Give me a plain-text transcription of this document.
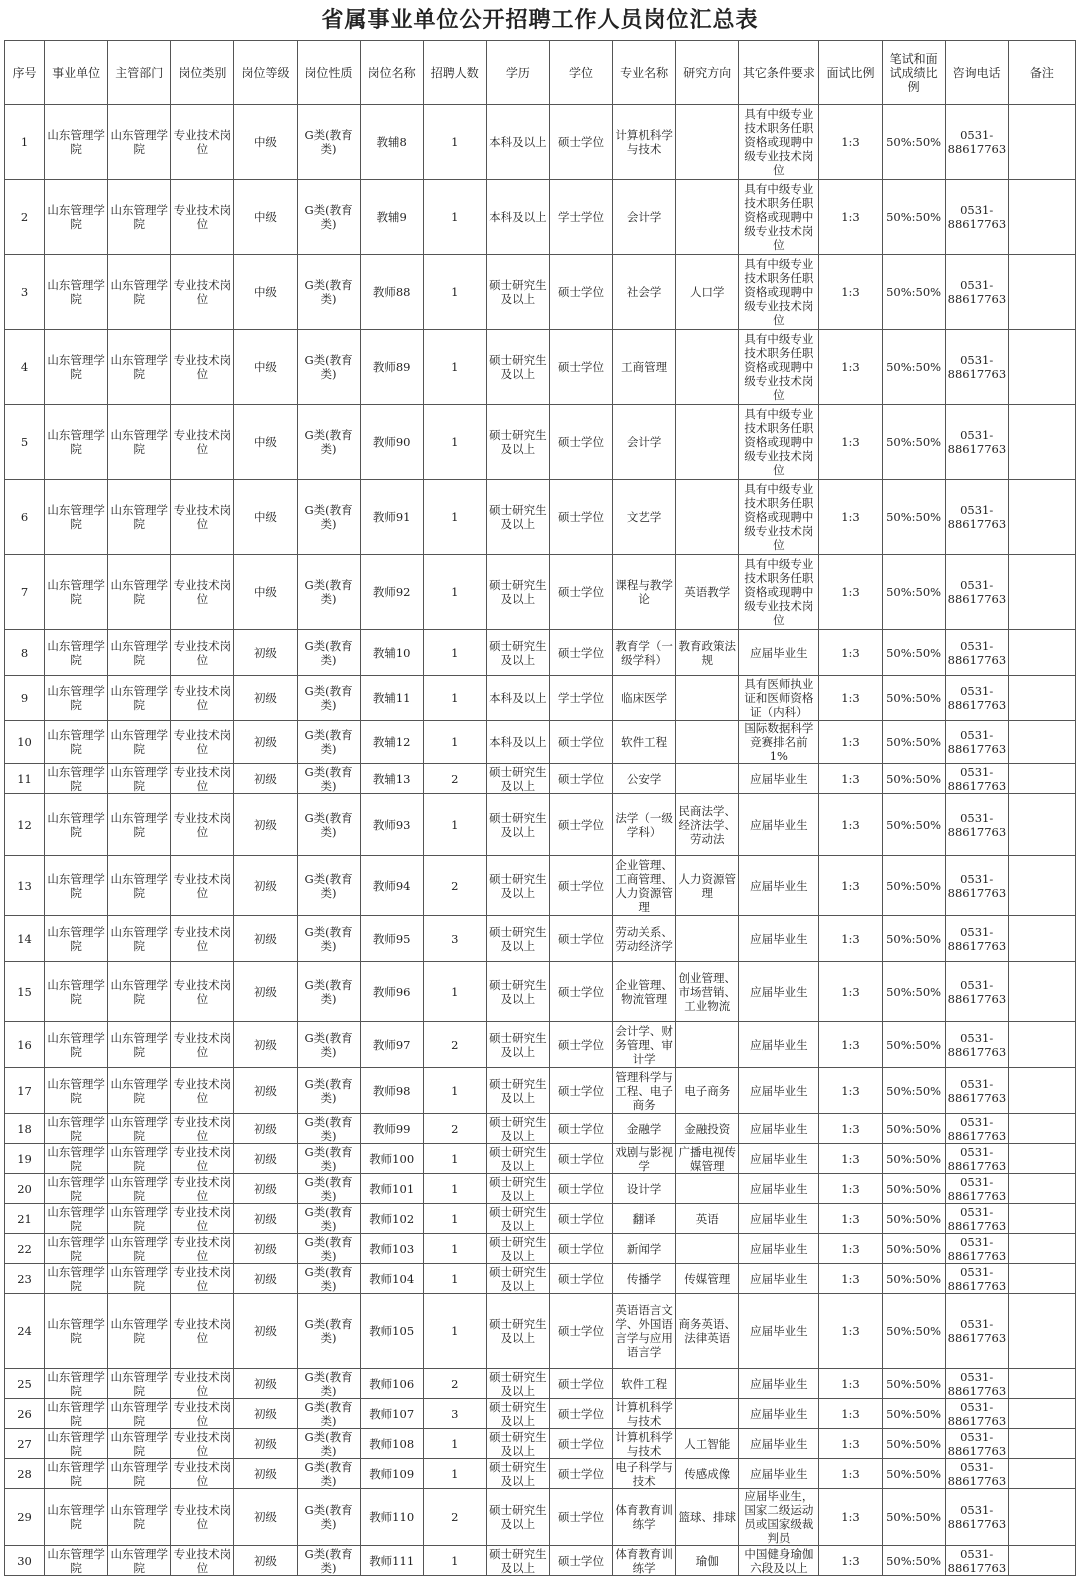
省属事业单位公开招聘工作人员岗位汇总表
序号	事业单位	主管部门	岗位类别	岗位等级	岗位性质	岗位名称	招聘人数	学历	学位	专业名称	研究方向	其它条件要求	面试比例	笔试和面试成绩比例	咨询电话	备注
1	山东管理学院	山东管理学院	专业技术岗位	中级	G类(教育类)	教辅8	1	本科及以上	硕士学位	计算机科学与技术		具有中级专业技术职务任职资格或现聘中级专业技术岗位	1:3	50%:50%	0531-88617763	
2	山东管理学院	山东管理学院	专业技术岗位	中级	G类(教育类)	教辅9	1	本科及以上	学士学位	会计学		具有中级专业技术职务任职资格或现聘中级专业技术岗位	1:3	50%:50%	0531-88617763	
3	山东管理学院	山东管理学院	专业技术岗位	中级	G类(教育类)	教师88	1	硕士研究生及以上	硕士学位	社会学	人口学	具有中级专业技术职务任职资格或现聘中级专业技术岗位	1:3	50%:50%	0531-88617763	
4	山东管理学院	山东管理学院	专业技术岗位	中级	G类(教育类)	教师89	1	硕士研究生及以上	硕士学位	工商管理		具有中级专业技术职务任职资格或现聘中级专业技术岗位	1:3	50%:50%	0531-88617763	
5	山东管理学院	山东管理学院	专业技术岗位	中级	G类(教育类)	教师90	1	硕士研究生及以上	硕士学位	会计学		具有中级专业技术职务任职资格或现聘中级专业技术岗位	1:3	50%:50%	0531-88617763	
6	山东管理学院	山东管理学院	专业技术岗位	中级	G类(教育类)	教师91	1	硕士研究生及以上	硕士学位	文艺学		具有中级专业技术职务任职资格或现聘中级专业技术岗位	1:3	50%:50%	0531-88617763	
7	山东管理学院	山东管理学院	专业技术岗位	中级	G类(教育类)	教师92	1	硕士研究生及以上	硕士学位	课程与教学论	英语教学	具有中级专业技术职务任职资格或现聘中级专业技术岗位	1:3	50%:50%	0531-88617763	
8	山东管理学院	山东管理学院	专业技术岗位	初级	G类(教育类)	教辅10	1	硕士研究生及以上	硕士学位	教育学（一级学科）	教育政策法规	应届毕业生	1:3	50%:50%	0531-88617763	
9	山东管理学院	山东管理学院	专业技术岗位	初级	G类(教育类)	教辅11	1	本科及以上	学士学位	临床医学		具有医师执业证和医师资格证（内科）	1:3	50%:50%	0531-88617763	
10	山东管理学院	山东管理学院	专业技术岗位	初级	G类(教育类)	教辅12	1	本科及以上	硕士学位	软件工程		国际数据科学竞赛排名前1%	1:3	50%:50%	0531-88617763	
11	山东管理学院	山东管理学院	专业技术岗位	初级	G类(教育类)	教辅13	2	硕士研究生及以上	硕士学位	公安学		应届毕业生	1:3	50%:50%	0531-88617763	
12	山东管理学院	山东管理学院	专业技术岗位	初级	G类(教育类)	教师93	1	硕士研究生及以上	硕士学位	法学（一级学科）	民商法学、经济法学、劳动法	应届毕业生	1:3	50%:50%	0531-88617763	
13	山东管理学院	山东管理学院	专业技术岗位	初级	G类(教育类)	教师94	2	硕士研究生及以上	硕士学位	企业管理、工商管理、人力资源管理	人力资源管理	应届毕业生	1:3	50%:50%	0531-88617763	
14	山东管理学院	山东管理学院	专业技术岗位	初级	G类(教育类)	教师95	3	硕士研究生及以上	硕士学位	劳动关系、劳动经济学		应届毕业生	1:3	50%:50%	0531-88617763	
15	山东管理学院	山东管理学院	专业技术岗位	初级	G类(教育类)	教师96	1	硕士研究生及以上	硕士学位	企业管理、物流管理	创业管理、市场营销、工业物流	应届毕业生	1:3	50%:50%	0531-88617763	
16	山东管理学院	山东管理学院	专业技术岗位	初级	G类(教育类)	教师97	2	硕士研究生及以上	硕士学位	会计学、财务管理、审计学		应届毕业生	1:3	50%:50%	0531-88617763	
17	山东管理学院	山东管理学院	专业技术岗位	初级	G类(教育类)	教师98	1	硕士研究生及以上	硕士学位	管理科学与工程、电子商务	电子商务	应届毕业生	1:3	50%:50%	0531-88617763	
18	山东管理学院	山东管理学院	专业技术岗位	初级	G类(教育类)	教师99	2	硕士研究生及以上	硕士学位	金融学	金融投资	应届毕业生	1:3	50%:50%	0531-88617763	
19	山东管理学院	山东管理学院	专业技术岗位	初级	G类(教育类)	教师100	1	硕士研究生及以上	硕士学位	戏剧与影视学	广播电视传媒管理	应届毕业生	1:3	50%:50%	0531-88617763	
20	山东管理学院	山东管理学院	专业技术岗位	初级	G类(教育类)	教师101	1	硕士研究生及以上	硕士学位	设计学		应届毕业生	1:3	50%:50%	0531-88617763	
21	山东管理学院	山东管理学院	专业技术岗位	初级	G类(教育类)	教师102	1	硕士研究生及以上	硕士学位	翻译	英语	应届毕业生	1:3	50%:50%	0531-88617763	
22	山东管理学院	山东管理学院	专业技术岗位	初级	G类(教育类)	教师103	1	硕士研究生及以上	硕士学位	新闻学		应届毕业生	1:3	50%:50%	0531-88617763	
23	山东管理学院	山东管理学院	专业技术岗位	初级	G类(教育类)	教师104	1	硕士研究生及以上	硕士学位	传播学	传媒管理	应届毕业生	1:3	50%:50%	0531-88617763	
24	山东管理学院	山东管理学院	专业技术岗位	初级	G类(教育类)	教师105	1	硕士研究生及以上	硕士学位	英语语言文学、外国语言学与应用语言学	商务英语、法律英语	应届毕业生	1:3	50%:50%	0531-88617763	
25	山东管理学院	山东管理学院	专业技术岗位	初级	G类(教育类)	教师106	2	硕士研究生及以上	硕士学位	软件工程		应届毕业生	1:3	50%:50%	0531-88617763	
26	山东管理学院	山东管理学院	专业技术岗位	初级	G类(教育类)	教师107	3	硕士研究生及以上	硕士学位	计算机科学与技术		应届毕业生	1:3	50%:50%	0531-88617763	
27	山东管理学院	山东管理学院	专业技术岗位	初级	G类(教育类)	教师108	1	硕士研究生及以上	硕士学位	计算机科学与技术	人工智能	应届毕业生	1:3	50%:50%	0531-88617763	
28	山东管理学院	山东管理学院	专业技术岗位	初级	G类(教育类)	教师109	1	硕士研究生及以上	硕士学位	电子科学与技术	传感成像	应届毕业生	1:3	50%:50%	0531-88617763	
29	山东管理学院	山东管理学院	专业技术岗位	初级	G类(教育类)	教师110	2	硕士研究生及以上	硕士学位	体育教育训练学	篮球、排球	应届毕业生，国家二级运动员或国家级裁判员	1:3	50%:50%	0531-88617763	
30	山东管理学院	山东管理学院	专业技术岗位	初级	G类(教育类)	教师111	1	硕士研究生及以上	硕士学位	体育教育训练学	瑜伽	中国健身瑜伽六段及以上	1:3	50%:50%	0531-88617763	
